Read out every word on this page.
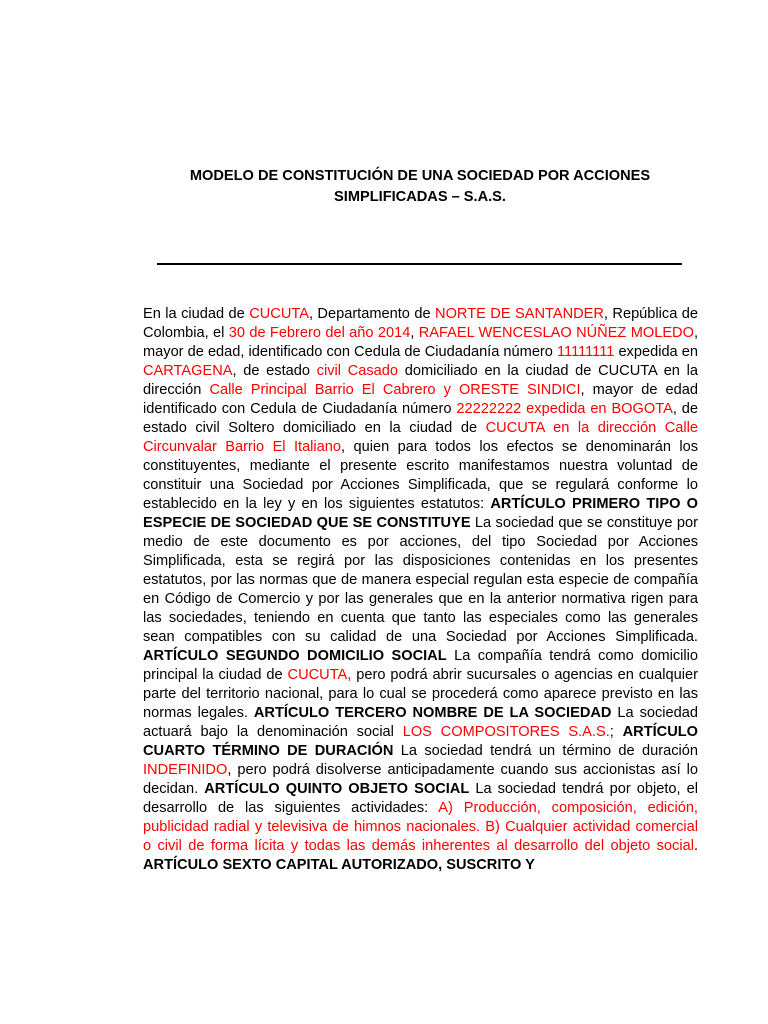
MODELO DE CONSTITUCIÓN DE UNA SOCIEDAD POR ACCIONES
SIMPLIFICADAS – S.A.S.
En la ciudad de CUCUTA, Departamento de NORTE DE SANTANDER, República de Colombia, el 30 de Febrero del año 2014, RAFAEL WENCESLAO NÚÑEZ MOLEDO, mayor de edad, identificado con Cedula de Ciudadanía número 11111111 expedida en CARTAGENA, de estado civil Casado domiciliado en la ciudad de CUCUTA en la dirección Calle Principal Barrio El Cabrero y ORESTE SINDICI, mayor de edad identificado con Cedula de Ciudadanía número 22222222 expedida en BOGOTA, de estado civil Soltero domiciliado en la ciudad de CUCUTA en la dirección Calle Circunvalar Barrio El Italiano, quien para todos los efectos se denominarán los constituyentes, mediante el presente escrito manifestamos nuestra voluntad de constituir una Sociedad por Acciones Simplificada, que se regulará conforme lo establecido en la ley y en los siguientes estatutos: ARTÍCULO PRIMERO TIPO O ESPECIE DE SOCIEDAD QUE SE CONSTITUYE La sociedad que se constituye por medio de este documento es por acciones, del tipo Sociedad por Acciones Simplificada, esta se regirá por las disposiciones contenidas en los presentes estatutos, por las normas que de manera especial regulan esta especie de compañía en Código de Comercio y por las generales que en la anterior normativa rigen para las sociedades, teniendo en cuenta que tanto las especiales como las generales sean compatibles con su calidad de una Sociedad por Acciones Simplificada. ARTÍCULO SEGUNDO DOMICILIO SOCIAL La compañía tendrá como domicilio principal la ciudad de CUCUTA, pero podrá abrir sucursales o agencias en cualquier parte del territorio nacional, para lo cual se procederá como aparece previsto en las normas legales. ARTÍCULO TERCERO NOMBRE DE LA SOCIEDAD La sociedad actuará bajo la denominación social LOS COMPOSITORES S.A.S.; ARTÍCULO CUARTO TÉRMINO DE DURACIÓN La sociedad tendrá un término de duración INDEFINIDO, pero podrá disolverse anticipadamente cuando sus accionistas así lo decidan. ARTÍCULO QUINTO OBJETO SOCIAL La sociedad tendrá por objeto, el desarrollo de las siguientes actividades: A) Producción, composición, edición, publicidad radial y televisiva de himnos nacionales. B) Cualquier actividad comercial o civil de forma lícita y todas las demás inherentes al desarrollo del objeto social. ARTÍCULO SEXTO CAPITAL AUTORIZADO, SUSCRITO Y
